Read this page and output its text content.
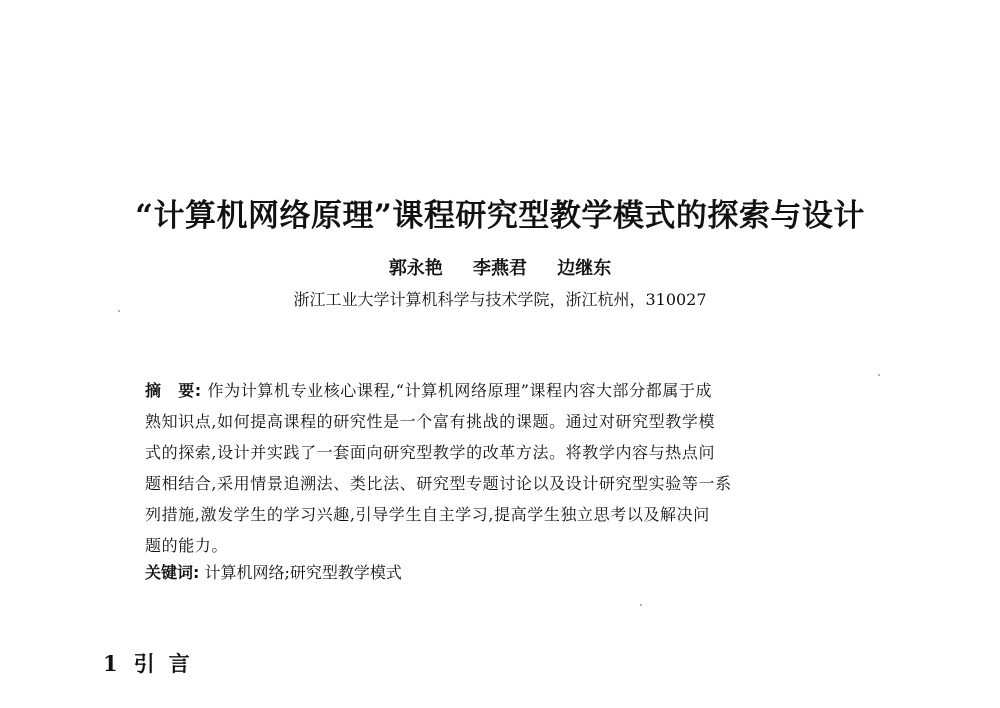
“计算机网络原理”课程研究型教学模式的探索与设计
郭永艳 李燕君 边继东
浙江工业大学计算机科学与技术学院，浙江杭州，310027
摘　要: 作为计算机专业核心课程,“计算机网络原理”课程内容大部分都属于成
熟知识点,如何提高课程的研究性是一个富有挑战的课题。通过对研究型教学模
式的探索,设计并实践了一套面向研究型教学的改革方法。将教学内容与热点问
题相结合,采用情景追溯法、类比法、研究型专题讨论以及设计研究型实验等一系
列措施,激发学生的学习兴趣,引导学生自主学习,提高学生独立思考以及解决问
题的能力。
关键词: 计算机网络;研究型教学模式
1 引言
